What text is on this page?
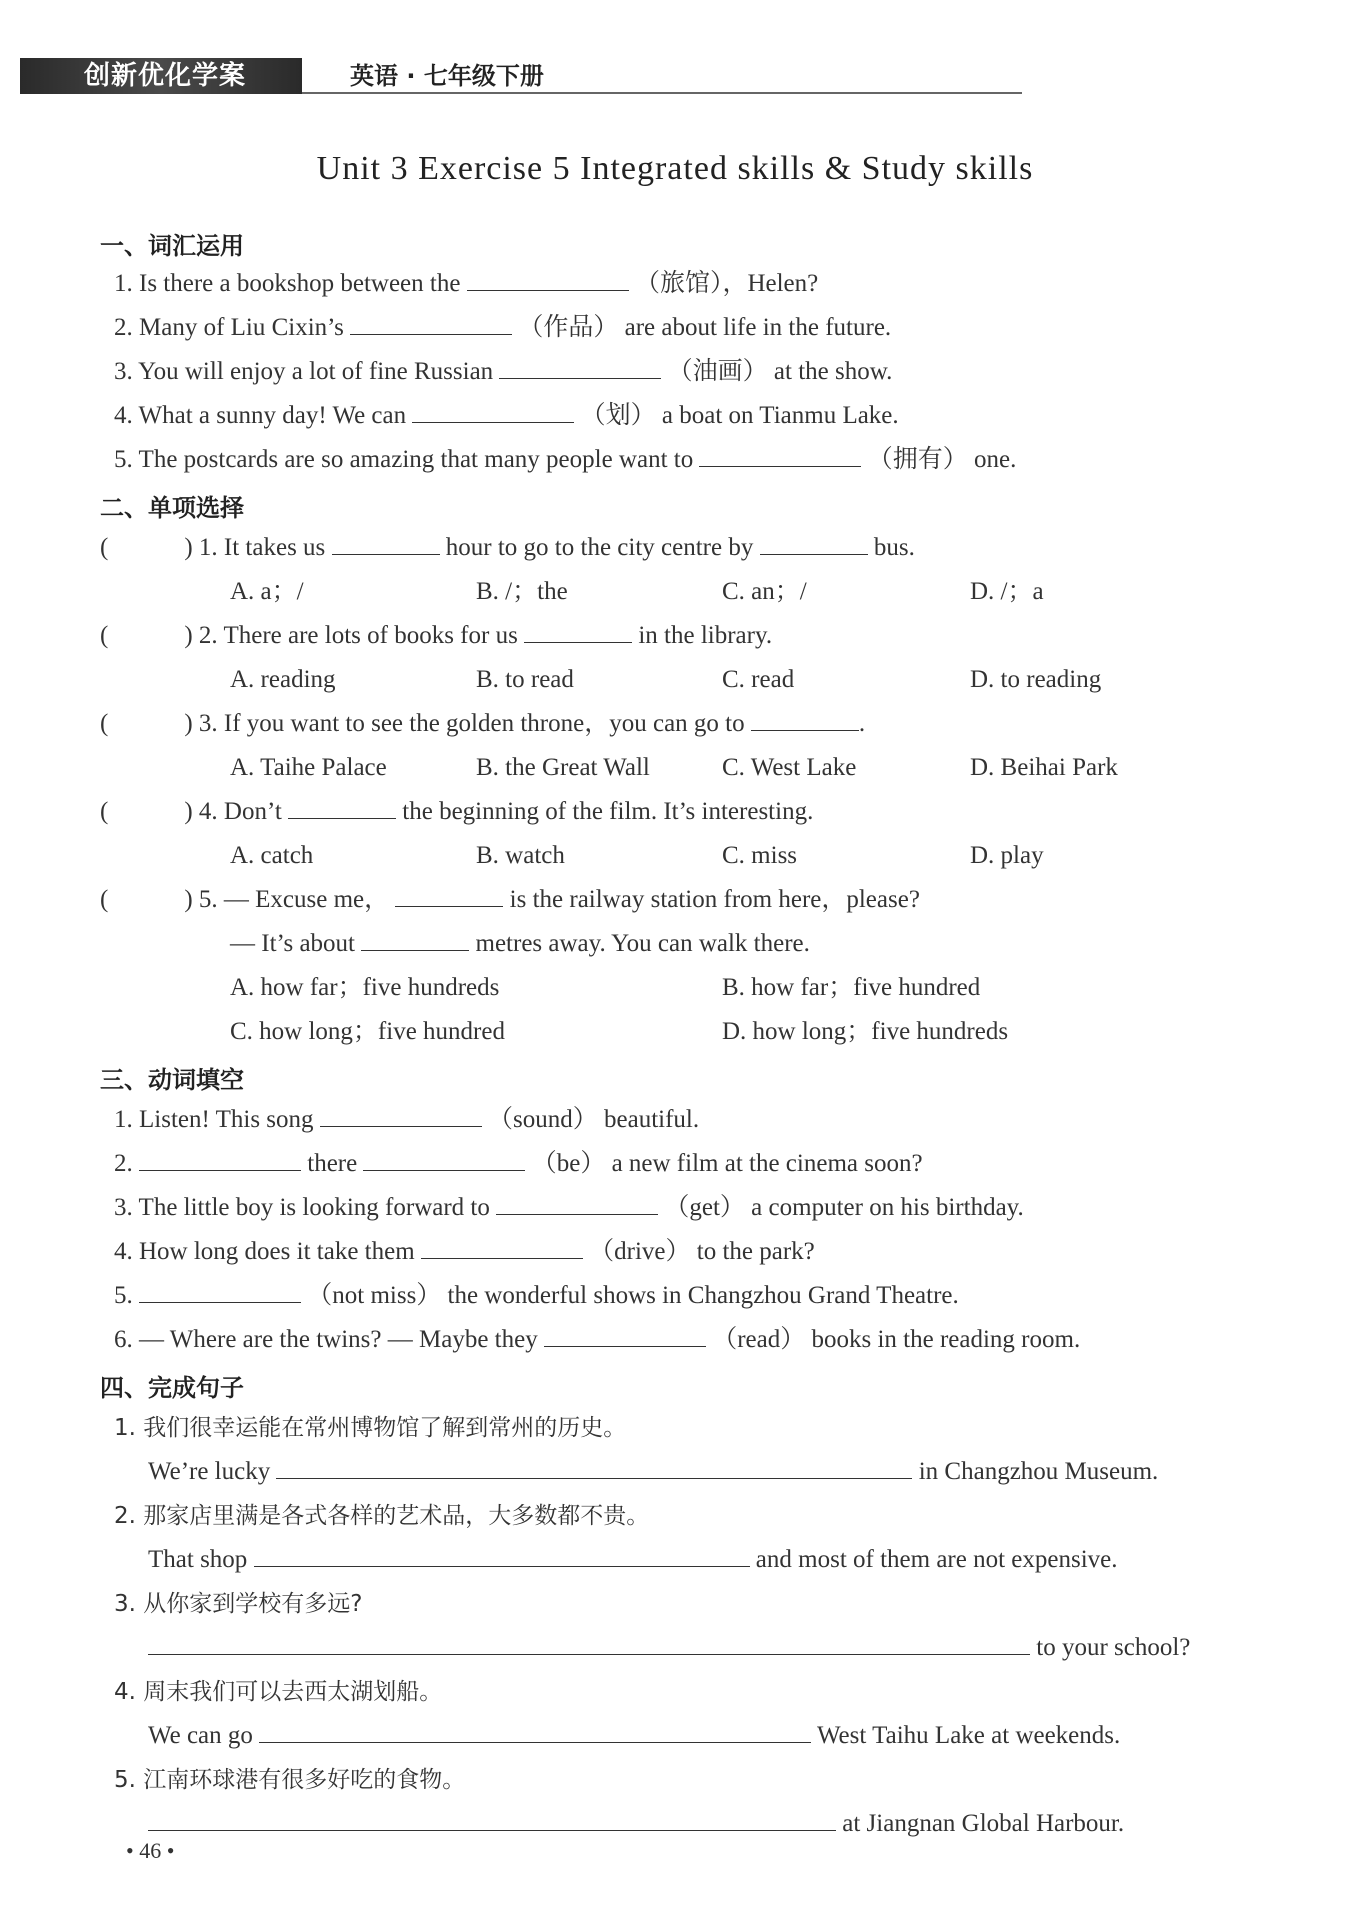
创新优化学案	英语 · 七年级下册
Unit 3 Exercise 5 Integrated skills & Study skills
一、词汇运用
1. Is there a bookshop between the	（旅馆），Helen?
2. Many of Liu Cixin’s	（作品） are about life in the future.
3. You will enjoy a lot of fine Russian	（油画） at the show.
4. What a sunny day! We can	（划） a boat on Tianmu Lake.
5. The postcards are so amazing that many people want to	（拥有） one.
二、单项选择
(	) 1. It takes us	hour to go to the city centre by	bus.
A. a；/	B. /；the	C. an；/	D. /；a
(	) 2. There are lots of books for us	in the library.
A. reading	B. to read	C. read	D. to reading
(	) 3. If you want to see the golden throne，you can go to	.
A. Taihe Palace	B. the Great Wall	C. West Lake	D. Beihai Park
(	) 4. Don’t	the beginning of the film. It’s interesting.
A. catch	B. watch	C. miss	D. play
(	) 5. — Excuse me，	is the railway station from here，please?
— It’s about	metres away. You can walk there.
A. how far；five hundreds	B. how far；five hundred
C. how long；five hundred	D. how long；five hundreds
三、动词填空
1. Listen! This song	（sound） beautiful.
2.	there	（be） a new film at the cinema soon?
3. The little boy is looking forward to	（get） a computer on his birthday.
4. How long does it take them	（drive） to the park?
5.	（not miss） the wonderful shows in Changzhou Grand Theatre.
6. — Where are the twins? — Maybe they	（read） books in the reading room.
四、完成句子
1. 我们很幸运能在常州博物馆了解到常州的历史。
We’re lucky	in Changzhou Museum.
2. 那家店里满是各式各样的艺术品，大多数都不贵。
That shop	and most of them are not expensive.
3. 从你家到学校有多远?
to your school?
4. 周末我们可以去西太湖划船。
We can go	West Taihu Lake at weekends.
5. 江南环球港有很多好吃的食物。
at Jiangnan Global Harbour.
• 46 •
